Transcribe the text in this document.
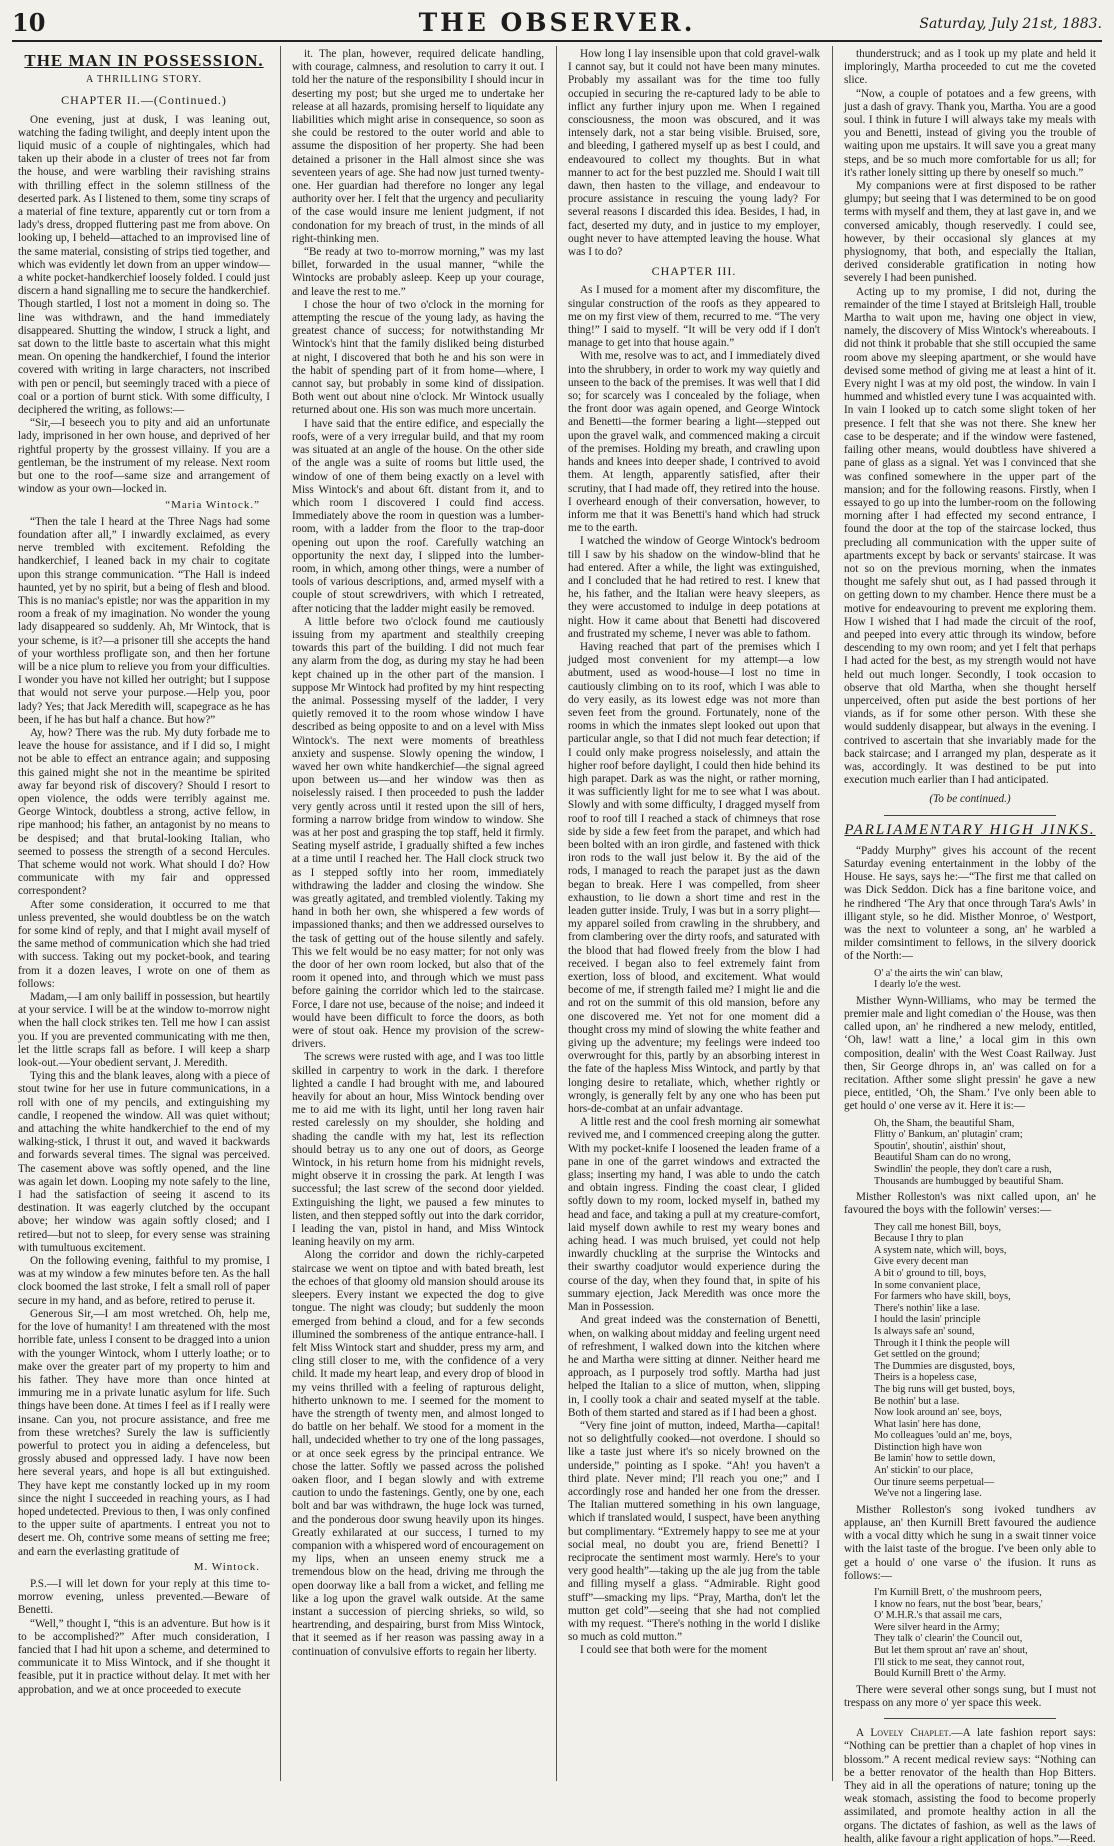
10	THE OBSERVER.	Saturday, July 21st, 1883.
THE MAN IN POSSESSION.
A THRILLING STORY.
CHAPTER II.—(Continued.)

One evening, just at dusk, I was leaning out, watching the fading twilight, and deeply intent upon the liquid music of a couple of nightingales, which had taken up their abode in a cluster of trees not far from the house, and were warbling their ravishing strains with thrilling effect in the solemn stillness of the deserted park. As I listened to them, some tiny scraps of a material of fine texture, apparently cut or torn from a lady's dress, dropped fluttering past me from above. On looking up, I beheld—attached to an improvised line of the same material, consisting of strips tied together, and which was evidently let down from an upper window—a white pocket-handkerchief loosely folded. I could just discern a hand signalling me to secure the handkerchief. Though startled, I lost not a moment in doing so. The line was withdrawn, and the hand immediately disappeared. Shutting the window, I struck a light, and sat down to the little baste to ascertain what this might mean. On opening the handkerchief, I found the interior covered with writing in large characters, not inscribed with pen or pencil, but seemingly traced with a piece of coal or a portion of burnt stick. With some difficulty, I deciphered the writing, as follows:—

“Sir,—I beseech you to pity and aid an unfortunate lady, imprisoned in her own house, and deprived of her rightful property by the grossest villainy. If you are a gentleman, be the instrument of my release. Next room but one to the roof—same size and arrangement of window as your own—locked in.

“Maria Wintock.”

“Then the tale I heard at the Three Nags had some foundation after all,” I inwardly exclaimed, as every nerve trembled with excitement. Refolding the handkerchief, I leaned back in my chair to cogitate upon this strange communication. “The Hall is indeed haunted, yet by no spirit, but a being of flesh and blood. This is no maniac's epistle; nor was the apparition in my room a freak of my imagination. No wonder the young lady disappeared so suddenly. Ah, Mr Wintock, that is your scheme, is it?—a prisoner till she accepts the hand of your worthless profligate son, and then her fortune will be a nice plum to relieve you from your difficulties. I wonder you have not killed her outright; but I suppose that would not serve your purpose.—Help you, poor lady? Yes; that Jack Meredith will, scapegrace as he has been, if he has but half a chance. But how?”

Ay, how? There was the rub. My duty forbade me to leave the house for assistance, and if I did so, I might not be able to effect an entrance again; and supposing this gained might she not in the meantime be spirited away far beyond risk of discovery? Should I resort to open violence, the odds were terribly against me. George Wintock, doubtless a strong, active fellow, in ripe manhood; his father, an antagonist by no means to be despised; and that brutal-looking Italian, who seemed to possess the strength of a second Hercules. That scheme would not work. What should I do? How communicate with my fair and oppressed correspondent?

After some consideration, it occurred to me that unless prevented, she would doubtless be on the watch for some kind of reply, and that I might avail myself of the same method of communication which she had tried with success. Taking out my pocket-book, and tearing from it a dozen leaves, I wrote on one of them as follows:

Madam,—I am only bailiff in possession, but heartily at your service. I will be at the window to-morrow night when the hall clock strikes ten. Tell me how I can assist you. If you are prevented communicating with me then, let the little scraps fall as before. I will keep a sharp look-out.—Your obedient servant, J. Meredith.

Tying this and the blank leaves, along with a piece of stout twine for her use in future communications, in a roll with one of my pencils, and extinguishing my candle, I reopened the window. All was quiet without; and attaching the white handkerchief to the end of my walking-stick, I thrust it out, and waved it backwards and forwards several times. The signal was perceived. The casement above was softly opened, and the line was again let down. Looping my note safely to the line, I had the satisfaction of seeing it ascend to its destination. It was eagerly clutched by the occupant above; her window was again softly closed; and I retired—but not to sleep, for every sense was straining with tumultuous excitement.

On the following evening, faithful to my promise, I was at my window a few minutes before ten. As the hall clock boomed the last stroke, I felt a small roll of paper secure in my hand, and as before, retired to peruse it.

Generous Sir,—I am most wretched. Oh, help me, for the love of humanity! I am threatened with the most horrible fate, unless I consent to be dragged into a union with the younger Wintock, whom I utterly loathe; or to make over the greater part of my property to him and his father. They have more than once hinted at immuring me in a private lunatic asylum for life. Such things have been done. At times I feel as if I really were insane. Can you, not procure assistance, and free me from these wretches? Surely the law is sufficiently powerful to protect you in aiding a defenceless, but grossly abused and oppressed lady. I have now been here several years, and hope is all but extinguished. They have kept me constantly locked up in my room since the night I succeeded in reaching yours, as I had hoped undetected. Previous to then, I was only confined to the upper suite of apartments. I entreat you not to desert me. Oh, contrive some means of setting me free; and earn the everlasting gratitude of

M. Wintock.

P.S.—I will let down for your reply at this time to-morrow evening, unless prevented.—Beware of Benetti.

“Well,” thought I, “this is an adventure. But how is it to be accomplished?” After much consideration, I fancied that I had hit upon a scheme, and determined to communicate it to Miss Wintock, and if she thought it feasible, put it in practice without delay. It met with her approbation, and we at once proceeded to execute

it. The plan, however, required delicate handling, with courage, calmness, and resolution to carry it out. I told her the nature of the responsibility I should incur in deserting my post; but she urged me to undertake her release at all hazards, promising herself to liquidate any liabilities which might arise in consequence, so soon as she could be restored to the outer world and able to assume the disposition of her property. She had been detained a prisoner in the Hall almost since she was seventeen years of age. She had now just turned twenty-one. Her guardian had therefore no longer any legal authority over her. I felt that the urgency and peculiarity of the case would insure me lenient judgment, if not condonation for my breach of trust, in the minds of all right-thinking men.

“Be ready at two to-morrow morning,” was my last billet, forwarded in the usual manner, “while the Wintocks are probably asleep. Keep up your courage, and leave the rest to me.”

I chose the hour of two o'clock in the morning for attempting the rescue of the young lady, as having the greatest chance of success; for notwithstanding Mr Wintock's hint that the family disliked being disturbed at night, I discovered that both he and his son were in the habit of spending part of it from home—where, I cannot say, but probably in some kind of dissipation. Both went out about nine o'clock. Mr Wintock usually returned about one. His son was much more uncertain.

I have said that the entire edifice, and especially the roofs, were of a very irregular build, and that my room was situated at an angle of the house. On the other side of the angle was a suite of rooms but little used, the window of one of them being exactly on a level with Miss Wintock's and about 6ft. distant from it, and to which room I discovered I could find access. Immediately above the room in question was a lumber-room, with a ladder from the floor to the trap-door opening out upon the roof. Carefully watching an opportunity the next day, I slipped into the lumber-room, in which, among other things, were a number of tools of various descriptions, and, armed myself with a couple of stout screwdrivers, with which I retreated, after noticing that the ladder might easily be removed.

A little before two o'clock found me cautiously issuing from my apartment and stealthily creeping towards this part of the building. I did not much fear any alarm from the dog, as during my stay he had been kept chained up in the other part of the mansion. I suppose Mr Wintock had profited by my hint respecting the animal. Possessing myself of the ladder, I very quietly removed it to the room whose window I have described as being opposite to and on a level with Miss Wintock's. The next were moments of breathless anxiety and suspense. Slowly opening the window, I waved her own white handkerchief—the signal agreed upon between us—and her window was then as noiselessly raised. I then proceeded to push the ladder very gently across until it rested upon the sill of hers, forming a narrow bridge from window to window. She was at her post and grasping the top staff, held it firmly. Seating myself astride, I gradually shifted a few inches at a time until I reached her. The Hall clock struck two as I stepped softly into her room, immediately withdrawing the ladder and closing the window. She was greatly agitated, and trembled violently. Taking my hand in both her own, she whispered a few words of impassioned thanks; and then we addressed ourselves to the task of getting out of the house silently and safely. This we felt would be no easy matter; for not only was the door of her own room locked, but also that of the room it opened into, and through which we must pass before gaining the corridor which led to the staircase. Force, I dare not use, because of the noise; and indeed it would have been difficult to force the doors, as both were of stout oak. Hence my provision of the screw-drivers.

The screws were rusted with age, and I was too little skilled in carpentry to work in the dark. I therefore lighted a candle I had brought with me, and laboured heavily for about an hour, Miss Wintock bending over me to aid me with its light, until her long raven hair rested carelessly on my shoulder, she holding and shading the candle with my hat, lest its reflection should betray us to any one out of doors, as George Wintock, in his return home from his midnight revels, might observe it in crossing the park. At length I was successful; the last screw of the second door yielded. Extinguishing the light, we paused a few minutes to listen, and then stepped softly out into the dark corridor, I leading the van, pistol in hand, and Miss Wintock leaning heavily on my arm.

Along the corridor and down the richly-carpeted staircase we went on tiptoe and with bated breath, lest the echoes of that gloomy old mansion should arouse its sleepers. Every instant we expected the dog to give tongue. The night was cloudy; but suddenly the moon emerged from behind a cloud, and for a few seconds illumined the sombreness of the antique entrance-hall. I felt Miss Wintock start and shudder, press my arm, and cling still closer to me, with the confidence of a very child. It made my heart leap, and every drop of blood in my veins thrilled with a feeling of rapturous delight, hitherto unknown to me. I seemed for the moment to have the strength of twenty men, and almost longed to do battle on her behalf. We stood for a moment in the hall, undecided whether to try one of the long passages, or at once seek egress by the principal entrance. We chose the latter. Softly we passed across the polished oaken floor, and I began slowly and with extreme caution to undo the fastenings. Gently, one by one, each bolt and bar was withdrawn, the huge lock was turned, and the ponderous door swung heavily upon its hinges. Greatly exhilarated at our success, I turned to my companion with a whispered word of encouragement on my lips, when an unseen enemy struck me a tremendous blow on the head, driving me through the open doorway like a ball from a wicket, and felling me like a log upon the gravel walk outside. At the same instant a succession of piercing shrieks, so wild, so heartrending, and despairing, burst from Miss Wintock, that it seemed as if her reason was passing away in a continuation of convulsive efforts to regain her liberty.

How long I lay insensible upon that cold gravel-walk I cannot say, but it could not have been many minutes. Probably my assailant was for the time too fully occupied in securing the re-captured lady to be able to inflict any further injury upon me. When I regained consciousness, the moon was obscured, and it was intensely dark, not a star being visible. Bruised, sore, and bleeding, I gathered myself up as best I could, and endeavoured to collect my thoughts. But in what manner to act for the best puzzled me. Should I wait till dawn, then hasten to the village, and endeavour to procure assistance in rescuing the young lady? For several reasons I discarded this idea. Besides, I had, in fact, deserted my duty, and in justice to my employer, ought never to have attempted leaving the house. What was I to do?

CHAPTER III.

As I mused for a moment after my discomfiture, the singular construction of the roofs as they appeared to me on my first view of them, recurred to me. “The very thing!” I said to myself. “It will be very odd if I don't manage to get into that house again.”

With me, resolve was to act, and I immediately dived into the shrubbery, in order to work my way quietly and unseen to the back of the premises. It was well that I did so; for scarcely was I concealed by the foliage, when the front door was again opened, and George Wintock and Benetti—the former bearing a light—stepped out upon the gravel walk, and commenced making a circuit of the premises. Holding my breath, and crawling upon hands and knees into deeper shade, I contrived to avoid them. At length, apparently satisfied, after their scrutiny, that I had made off, they retired into the house. I overheard enough of their conversation, however, to inform me that it was Benetti's hand which had struck me to the earth.

I watched the window of George Wintock's bedroom till I saw by his shadow on the window-blind that he had entered. After a while, the light was extinguished, and I concluded that he had retired to rest. I knew that he, his father, and the Italian were heavy sleepers, as they were accustomed to indulge in deep potations at night. How it came about that Benetti had discovered and frustrated my scheme, I never was able to fathom.

Having reached that part of the premises which I judged most convenient for my attempt—a low abutment, used as wood-house—I lost no time in cautiously climbing on to its roof, which I was able to do very easily, as its lowest edge was not more than seven feet from the ground. Fortunately, none of the rooms in which the inmates slept looked out upon that particular angle, so that I did not much fear detection; if I could only make progress noiselessly, and attain the higher roof before daylight, I could then hide behind its high parapet. Dark as was the night, or rather morning, it was sufficiently light for me to see what I was about. Slowly and with some difficulty, I dragged myself from roof to roof till I reached a stack of chimneys that rose side by side a few feet from the parapet, and which had been bolted with an iron girdle, and fastened with thick iron rods to the wall just below it. By the aid of the rods, I managed to reach the parapet just as the dawn began to break. Here I was compelled, from sheer exhaustion, to lie down a short time and rest in the leaden gutter inside. Truly, I was but in a sorry plight—my apparel soiled from crawling in the shrubbery, and from clambering over the dirty roofs, and saturated with the blood that had flowed freely from the blow I had received. I began also to feel extremely faint from exertion, loss of blood, and excitement. What would become of me, if strength failed me? I might lie and die and rot on the summit of this old mansion, before any one discovered me. Yet not for one moment did a thought cross my mind of slowing the white feather and giving up the adventure; my feelings were indeed too overwrought for this, partly by an absorbing interest in the fate of the hapless Miss Wintock, and partly by that longing desire to retaliate, which, whether rightly or wrongly, is generally felt by any one who has been put hors-de-combat at an unfair advantage.

A little rest and the cool fresh morning air somewhat revived me, and I commenced creeping along the gutter. With my pocket-knife I loosened the leaden frame of a pane in one of the garret windows and extracted the glass; inserting my hand, I was able to undo the catch and obtain ingress. Finding the coast clear, I glided softly down to my room, locked myself in, bathed my head and face, and taking a pull at my creature-comfort, laid myself down awhile to rest my weary bones and aching head. I was much bruised, yet could not help inwardly chuckling at the surprise the Wintocks and their swarthy coadjutor would experience during the course of the day, when they found that, in spite of his summary ejection, Jack Meredith was once more the Man in Possession.

And great indeed was the consternation of Benetti, when, on walking about midday and feeling urgent need of refreshment, I walked down into the kitchen where he and Martha were sitting at dinner. Neither heard me approach, as I purposely trod softly. Martha had just helped the Italian to a slice of mutton, when, slipping in, I coolly took a chair and seated myself at the table. Both of them started and stared as if I had been a ghost.

“Very fine joint of mutton, indeed, Martha—capital! not so delightfully cooked—not overdone. I should so like a taste just where it's so nicely browned on the underside,” pointing as I spoke. “Ah! you haven't a third plate. Never mind; I'll reach you one;” and I accordingly rose and handed her one from the dresser. The Italian muttered something in his own language, which if translated would, I suspect, have been anything but complimentary. “Extremely happy to see me at your social meal, no doubt you are, friend Benetti? I reciprocate the sentiment most warmly. Here's to your very good health”—taking up the ale jug from the table and filling myself a glass. “Admirable. Right good stuff”—smacking my lips. “Pray, Martha, don't let the mutton get cold”—seeing that she had not complied with my request. “There's nothing in the world I dislike so much as cold mutton.”

I could see that both were for the moment

thunderstruck; and as I took up my plate and held it imploringly, Martha proceeded to cut me the coveted slice.

“Now, a couple of potatoes and a few greens, with just a dash of gravy. Thank you, Martha. You are a good soul. I think in future I will always take my meals with you and Benetti, instead of giving you the trouble of waiting upon me upstairs. It will save you a great many steps, and be so much more comfortable for us all; for it's rather lonely sitting up there by oneself so much.”

My companions were at first disposed to be rather glumpy; but seeing that I was determined to be on good terms with myself and them, they at last gave in, and we conversed amicably, though reservedly. I could see, however, by their occasional sly glances at my physiognomy, that both, and especially the Italian, derived considerable gratification in noting how severely I had been punished.

Acting up to my promise, I did not, during the remainder of the time I stayed at Britsleigh Hall, trouble Martha to wait upon me, having one object in view, namely, the discovery of Miss Wintock's whereabouts. I did not think it probable that she still occupied the same room above my sleeping apartment, or she would have devised some method of giving me at least a hint of it. Every night I was at my old post, the window. In vain I hummed and whistled every tune I was acquainted with. In vain I looked up to catch some slight token of her presence. I felt that she was not there. She knew her case to be desperate; and if the window were fastened, failing other means, would doubtless have shivered a pane of glass as a signal. Yet was I convinced that she was confined somewhere in the upper part of the mansion; and for the following reasons. Firstly, when I essayed to go up into the lumber-room on the following morning after I had effected my second entrance, I found the door at the top of the staircase locked, thus precluding all communication with the upper suite of apartments except by back or servants' staircase. It was not so on the previous morning, when the inmates thought me safely shut out, as I had passed through it on getting down to my chamber. Hence there must be a motive for endeavouring to prevent me exploring them. How I wished that I had made the circuit of the roof, and peeped into every attic through its window, before descending to my own room; and yet I felt that perhaps I had acted for the best, as my strength would not have held out much longer. Secondly, I took occasion to observe that old Martha, when she thought herself unperceived, often put aside the best portions of her viands, as if for some other person. With these she would suddenly disappear, but always in the evening. I contrived to ascertain that she invariably made for the back staircase; and I arranged my plan, desperate as it was, accordingly. It was destined to be put into execution much earlier than I had anticipated.

(To be continued.)
PARLIAMENTARY HIGH JINKS.

“Paddy Murphy” gives his account of the recent Saturday evening entertainment in the lobby of the House. He says, says he:—“The first me that called on was Dick Seddon. Dick has a fine baritone voice, and he rindhered ‘The Ary that once through Tara's Awls’ in illigant style, so he did. Misther Monroe, o' Westport, was the next to volunteer a song, an' he warbled a milder comsintiment to fellows, in the silvery doorick of the North:—

O' a' the airts the win' can blaw,
I dearly lo'e the west.

Misther Wynn-Williams, who may be termed the premier male and light comedian o' the House, was then called upon, an' he rindhered a new melody, entitled, ‘Oh, law! watt a line,’ a local gim in this own composition, dealin' with the West Coast Railway. Just then, Sir George dhrops in, an' was called on for a recitation. Afther some slight pressin' he gave a new piece, entitled, ‘Oh, the Sham.’ I've only been able to get hould o' one verse av it. Here it is:—

Oh, the Sham, the beautiful Sham,
Flitty o' Bankum, an' plutagin' cram;
Spoutin', shoutin', aisthin' shout,
Beautiful Sham can do no wrong,
Swindlin' the people, they don't care a rush,
Thousands are humbugged by beautiful Sham.

Misther Rolleston's was nixt called upon, an' he favoured the boys with the followin' verses:—

They call me honest Bill, boys,
Because I thry to plan
A system nate, which will, boys,
Give every decent man
A bit o' ground to till, boys,
In some convanient place,
For farmers who have skill, boys,
There's nothin' like a lase.
I hould the lasin' principle
Is always safe an' sound,
Through it I think the people will
Get settled on the ground;
The Dummies are disgusted, boys,
Theirs is a hopeless case,
The big runs will get busted, boys,
Be nothin' but a lase.
Now look around an' see, boys,
What lasin' here has done,
Mo colleagues 'ould an' me, boys,
Distinction high have won
Be lamin' how to settle down,
An' stickin' to our place,
Our tinure seems perpetual—
We've not a lingering lase.

Misther Rolleston's song ivoked tundhers av applause, an' then Kurnill Brett favoured the audience with a vocal ditty which he sung in a swait tinner voice with the laist taste of the brogue. I've been only able to get a hould o' one varse o' the ifusion. It runs as follows:—

I'm Kurnill Brett, o' the mushroom peers,
I know no fears, nut the bost 'bear, bears,'
O' M.H.R.'s that assail me cars,
Were silver heard in the Army;
They talk o' clearin' the Council out,
But let them sprout an' rave an' shout,
I'll stick to me seat, they cannot rout,
Bould Kurnill Brett o' the Army.

There were several other songs sung, but I must not trespass on any more o' yer space this week.

A Lovely Chaplet.—A late fashion report says: “Nothing can be prettier than a chaplet of hop vines in blossom.” A recent medical review says: “Nothing can be a better renovator of the health than Hop Bitters. They aid in all the operations of nature; toning up the weak stomach, assisting the food to become properly assimilated, and promote healthy action in all the organs. The dictates of fashion, as well as the laws of health, alike favour a right application of hops.”—Reed.
